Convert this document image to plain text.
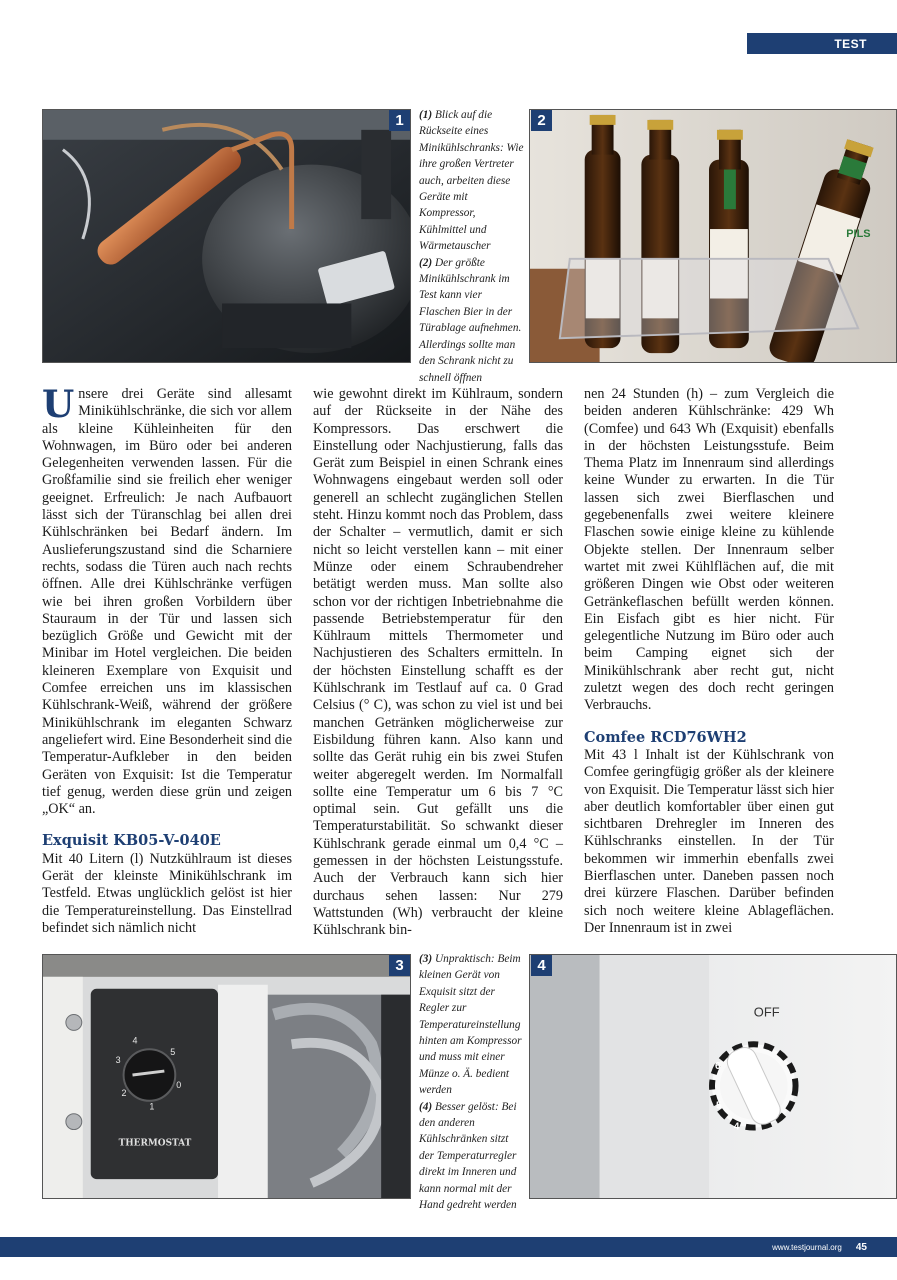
TEST
1	(1) Blick auf die Rückseite eines Minikühlschranks: Wie ihre großen Vertreter auch, arbeiten diese Geräte mit Kompressor, Kühlmittel und Wärmetauscher
(2) Der größte Minikühlschrank im Test kann vier Flaschen Bier in der Türablage aufnehmen. Allerdings sollte man den Schrank nicht zu schnell öffnen
PILS
2

Unsere drei Geräte sind allesamt Minikühlschränke, die sich vor allem als kleine Kühleinheiten für den Wohnwagen, im Büro oder bei anderen Gelegenheiten verwenden lassen. Für die Großfamilie sind sie freilich eher weniger geeignet. Erfreulich: Je nach Aufbauort lässt sich der Türanschlag bei allen drei Kühlschränken bei Bedarf ändern. Im Auslieferungszustand sind die Scharniere rechts, sodass die Türen auch nach rechts öffnen. Alle drei Kühlschränke verfügen wie bei ihren großen Vorbildern über Stauraum in der Tür und lassen sich bezüglich Größe und Gewicht mit der Minibar im Hotel vergleichen. Die beiden kleineren Exemplare von Exquisit und Comfee erreichen uns im klassischen Kühlschrank-Weiß, während der größere Minikühlschrank im eleganten Schwarz angeliefert wird. Eine Besonderheit sind die Temperatur-Aufkleber in den beiden Geräten von Exquisit: Ist die Temperatur tief genug, werden diese grün und zeigen „OK“ an.

Exquisit KB05-V-040E

Mit 40 Litern (l) Nutzkühlraum ist dieses Gerät der kleinste Minikühlschrank im Testfeld. Etwas unglücklich gelöst ist hier die Temperatureinstellung. Das Einstellrad befindet sich nämlich nicht

wie gewohnt direkt im Kühlraum, sondern auf der Rückseite in der Nähe des Kompressors. Das erschwert die Einstellung oder Nachjustierung, falls das Gerät zum Beispiel in einen Schrank eines Wohnwagens eingebaut werden soll oder generell an schlecht zugänglichen Stellen steht. Hinzu kommt noch das Problem, dass der Schalter – vermutlich, damit er sich nicht so leicht verstellen kann – mit einer Münze oder einem Schraubendreher betätigt werden muss. Man sollte also schon vor der richtigen Inbetriebnahme die passende Betriebstemperatur für den Kühlraum mittels Thermometer und Nachjustieren des Schalters ermitteln. In der höchsten Einstellung schafft es der Kühlschrank im Testlauf auf ca. 0 Grad Celsius (° C), was schon zu viel ist und bei manchen Getränken möglicherweise zur Eisbildung führen kann. Also kann und sollte das Gerät ruhig ein bis zwei Stufen weiter abgeregelt werden. Im Normalfall sollte eine Temperatur um 6 bis 7 °C optimal sein. Gut gefällt uns die Temperaturstabilität. So schwankt dieser Kühlschrank gerade einmal um 0,4 °C – gemessen in der höchsten Leistungsstufe. Auch der Verbrauch kann sich hier durchaus sehen lassen: Nur 279 Wattstunden (Wh) verbraucht der kleine Kühlschrank bin-

nen 24 Stunden (h) – zum Vergleich die beiden anderen Kühlschränke: 429 Wh (Comfee) und 643 Wh (Exquisit) ebenfalls in der höchsten Leistungsstufe. Beim Thema Platz im Innenraum sind allerdings keine Wunder zu erwarten. In die Tür lassen sich zwei Bierflaschen und gegebenenfalls zwei weitere kleinere Flaschen sowie einige kleine zu kühlende Objekte stellen. Der Innenraum selber wartet mit zwei Kühlflächen auf, die mit größeren Dingen wie Obst oder weiteren Getränkeflaschen befüllt werden können. Ein Eisfach gibt es hier nicht. Für gelegentliche Nutzung im Büro oder auch beim Camping eignet sich der Minikühlschrank aber recht gut, nicht zuletzt wegen des doch recht geringen Verbrauchs.

Comfee RCD76WH2

Mit 43 l Inhalt ist der Kühlschrank von Comfee geringfügig größer als der kleinere von Exquisit. Die Temperatur lässt sich hier aber deutlich komfortabler über einen gut sichtbaren Drehregler im Inneren des Kühlschranks einstellen. In der Tür bekommen wir immerhin ebenfalls zwei Bierflaschen unter. Daneben passen noch drei kürzere Flaschen. Darüber befinden sich noch weitere kleine Ablageflächen. Der Innenraum ist in zwei

4
5
0
1
2
3
THERMOSTAT
3	(3) Unpraktisch: Beim kleinen Gerät von Exquisit sitzt der Regler zur Temperatureinstellung hinten am Kompressor und muss mit einer Münze o. Ä. bedient werden
(4) Besser gelöst: Bei den anderen Kühlschränken sitzt der Temperaturregler direkt im Inneren und kann normal mit der Hand gedreht werden
OFF
6
5
4
4
www.testjournal.org 45
